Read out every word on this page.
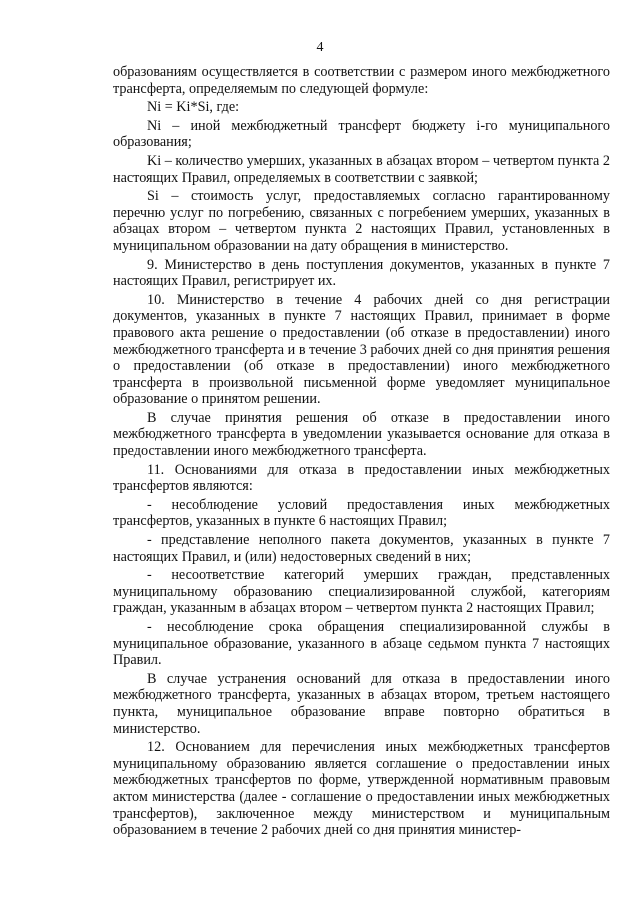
4

образованиям осуществляется в соответствии с размером иного межбюджетного трансферта, определяемым по следующей формуле:

Ni = Ki*Si, где:

Ni – иной межбюджетный трансферт бюджету i-го муниципального образования;

Ki – количество умерших, указанных в абзацах втором – четвертом пункта 2 настоящих Правил, определяемых в соответствии с заявкой;

Si – стоимость услуг, предоставляемых согласно гарантированному перечню услуг по погребению, связанных с погребением умерших, указанных в абзацах втором – четвертом пункта 2 настоящих Правил, установленных в муниципальном образовании на дату обращения в министерство.

9. Министерство в день поступления документов, указанных в пункте 7 настоящих Правил, регистрирует их.

10. Министерство в течение 4 рабочих дней со дня регистрации документов, указанных в пункте 7 настоящих Правил, принимает в форме правового акта решение о предоставлении (об отказе в предоставлении) иного межбюджетного трансферта и в течение 3 рабочих дней со дня принятия решения о предоставлении (об отказе в предоставлении) иного межбюджетного трансферта в произвольной письменной форме уведомляет муниципальное образование о принятом решении.

В случае принятия решения об отказе в предоставлении иного межбюджетного трансферта в уведомлении указывается основание для отказа в предоставлении иного межбюджетного трансферта.

11. Основаниями для отказа в предоставлении иных межбюджетных трансфертов являются:

- несоблюдение условий предоставления иных межбюджетных трансфертов, указанных в пункте 6 настоящих Правил;

- представление неполного пакета документов, указанных в пункте 7 настоящих Правил, и (или) недостоверных сведений в них;

- несоответствие категорий умерших граждан, представленных муниципальному образованию специализированной службой, категориям граждан, указанным в абзацах втором – четвертом пункта 2 настоящих Правил;

- несоблюдение срока обращения специализированной службы в муниципальное образование, указанного в абзаце седьмом пункта 7 настоящих Правил.

В случае устранения оснований для отказа в предоставлении иного межбюджетного трансферта, указанных в абзацах втором, третьем настоящего пункта, муниципальное образование вправе повторно обратиться в министерство.

12. Основанием для перечисления иных межбюджетных трансфертов муниципальному образованию является соглашение о предоставлении иных межбюджетных трансфертов по форме, утвержденной нормативным правовым актом министерства (далее - соглашение о предоставлении иных межбюджетных трансфертов), заключенное между министерством и муниципальным образованием в течение 2 рабочих дней со дня принятия министер-
